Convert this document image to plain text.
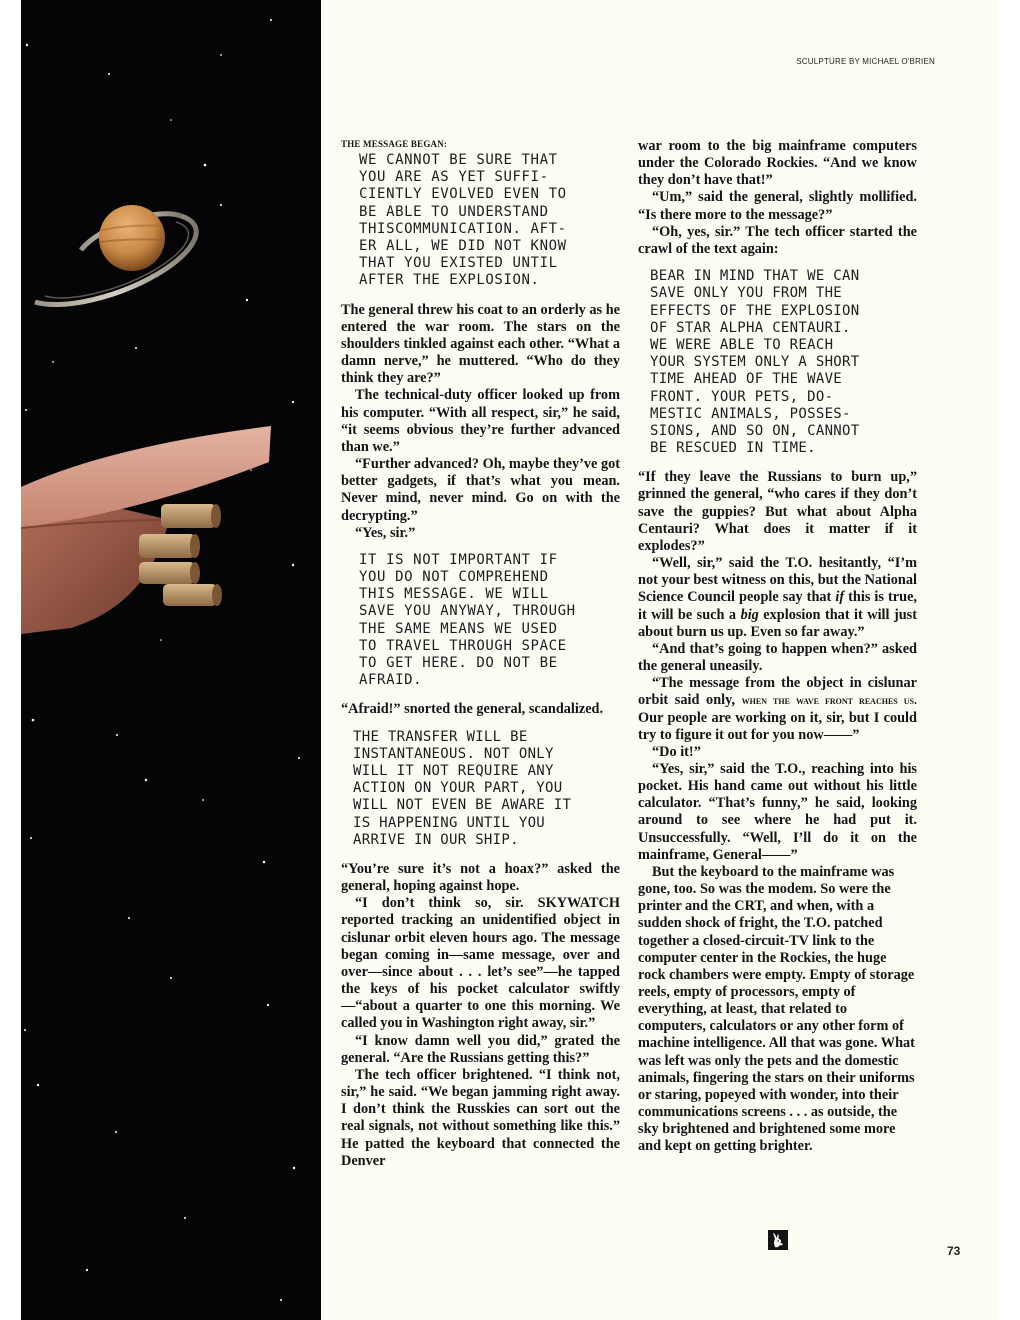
SCULPTURE BY MICHAEL O'BRIEN

THE MESSAGE BEGAN:

WE CANNOT BE SURE THAT
YOU ARE AS YET SUFFI-
CIENTLY EVOLVED EVEN TO
BE ABLE TO UNDERSTAND
THISCOMMUNICATION. AFT-
ER ALL, WE DID NOT KNOW
THAT YOU EXISTED UNTIL
AFTER THE EXPLOSION.

The general threw his coat to an orderly as he entered the war room. The stars on the shoulders tinkled against each other. “What a damn nerve,” he muttered. “Who do they think they are?”

The technical-duty officer looked up from his computer. “With all respect, sir,” he said, “it seems obvious they’re further advanced than we.”

“Further advanced? Oh, maybe they’ve got better gadgets, if that’s what you mean. Never mind, never mind. Go on with the decrypting.”

“Yes, sir.”

IT IS NOT IMPORTANT IF
YOU DO NOT COMPREHEND
THIS MESSAGE. WE WILL
SAVE YOU ANYWAY, THROUGH
THE SAME MEANS WE USED
TO TRAVEL THROUGH SPACE
TO GET HERE. DO NOT BE
AFRAID.

“Afraid!” snorted the general, scandalized.

THE TRANSFER WILL BE
INSTANTANEOUS. NOT ONLY
WILL IT NOT REQUIRE ANY
ACTION ON YOUR PART, YOU
WILL NOT EVEN BE AWARE IT
IS HAPPENING UNTIL YOU
ARRIVE IN OUR SHIP.

“You’re sure it’s not a hoax?” asked the general, hoping against hope.

“I don’t think so, sir. SKYWATCH reported tracking an unidentified object in cislunar orbit eleven hours ago. The message began coming in—same message, over and over—since about . . . let’s see”—he tapped the keys of his pocket calculator swiftly—“about a quarter to one this morning. We called you in Washington right away, sir.”

“I know damn well you did,” grated the general. “Are the Russians getting this?”

The tech officer brightened. “I think not, sir,” he said. “We began jamming right away. I don’t think the Russkies can sort out the real signals, not without something like this.” He patted the keyboard that connected the Denver

war room to the big mainframe computers under the Colorado Rockies. “And we know they don’t have that!”

“Um,” said the general, slightly mollified. “Is there more to the message?”

“Oh, yes, sir.” The tech officer started the crawl of the text again:

BEAR IN MIND THAT WE CAN
SAVE ONLY YOU FROM THE
EFFECTS OF THE EXPLOSION
OF STAR ALPHA CENTAURI.
WE WERE ABLE TO REACH
YOUR SYSTEM ONLY A SHORT
TIME AHEAD OF THE WAVE
FRONT. YOUR PETS, DO-
MESTIC ANIMALS, POSSES-
SIONS, AND SO ON, CANNOT
BE RESCUED IN TIME.

“If they leave the Russians to burn up,” grinned the general, “who cares if they don’t save the guppies? But what about Alpha Centauri? What does it matter if it explodes?”

“Well, sir,” said the T.O. hesitantly, “I’m not your best witness on this, but the National Science Council people say that if this is true, it will be such a big explosion that it will just about burn us up. Even so far away.”

“And that’s going to happen when?” asked the general uneasily.

“The message from the object in cislunar orbit said only, when the wave front reaches us. Our people are working on it, sir, but I could try to figure it out for you now——”

“Do it!”

“Yes, sir,” said the T.O., reaching into his pocket. His hand came out without his little calculator. “That’s funny,” he said, looking around to see where he had put it. Unsuccessfully. “Well, I’ll do it on the mainframe, General——”

But the keyboard to the mainframe was gone, too. So was the modem. So were the printer and the CRT, and when, with a sudden shock of fright, the T.O. patched together a closed-circuit-TV link to the computer center in the Rockies, the huge rock chambers were empty. Empty of storage reels, empty of processors, empty of everything, at least, that related to computers, calculators or any other form of machine intelligence. All that was gone. What was left was only the pets and the domestic animals, fingering the stars on their uniforms or staring, popeyed with wonder, into their communications screens . . . as outside, the sky brightened and brightened some more and kept on getting brighter.

73
